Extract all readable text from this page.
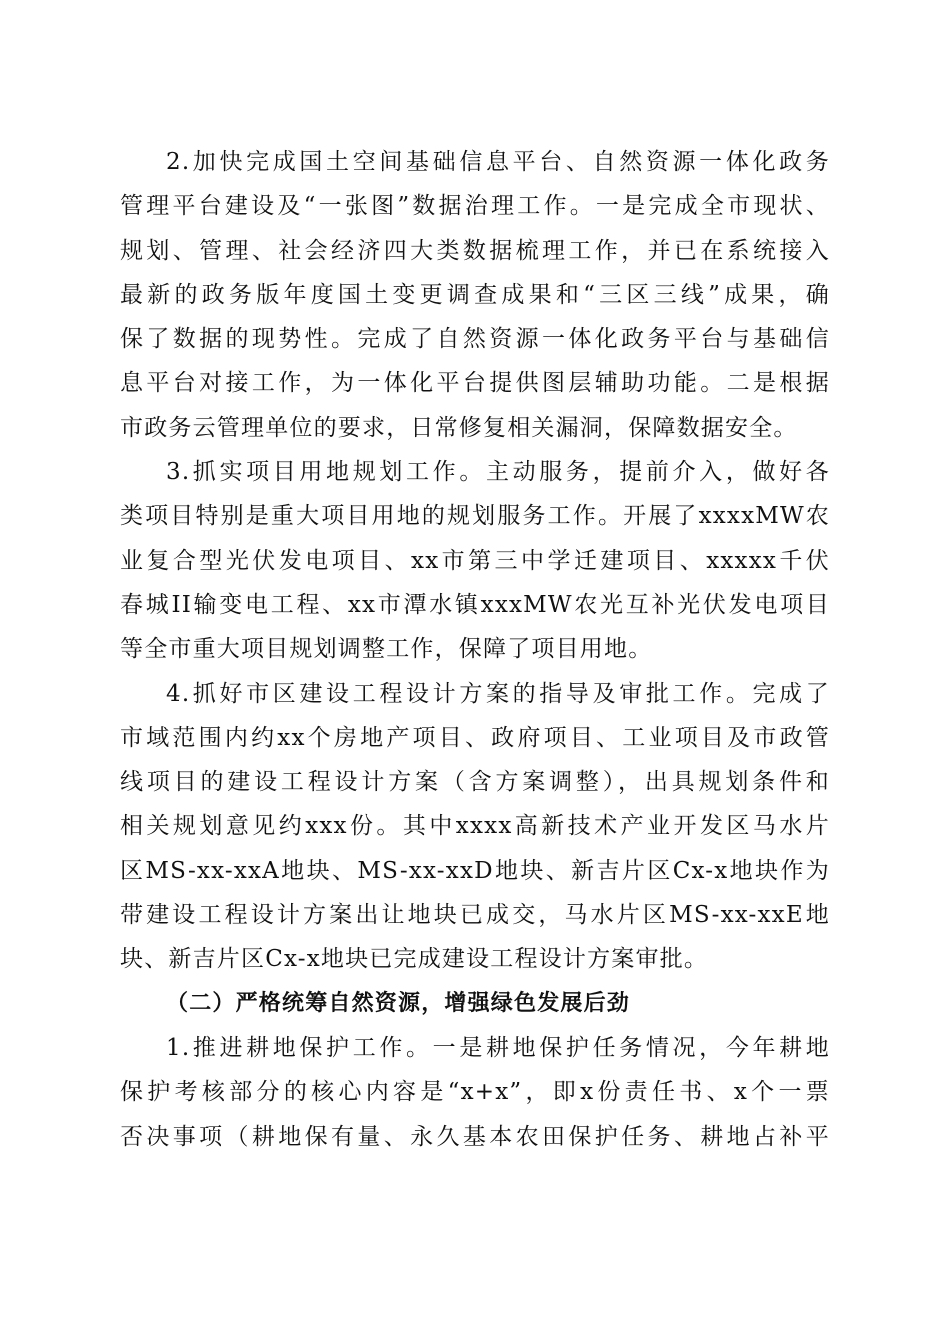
2.加快完成国土空间基础信息平台、自然资源一体化政务
管理平台建设及“一张图”数据治理工作。一是完成全市现状、
规划、管理、社会经济四大类数据梳理工作，并已在系统接入
最新的政务版年度国土变更调查成果和“三区三线”成果，确
保了数据的现势性。完成了自然资源一体化政务平台与基础信
息平台对接工作，为一体化平台提供图层辅助功能。二是根据
市政务云管理单位的要求，日常修复相关漏洞，保障数据安全。
3.抓实项目用地规划工作。主动服务，提前介入，做好各
类项目特别是重大项目用地的规划服务工作。开展了xxxxMW农
业复合型光伏发电项目、xx市第三中学迁建项目、xxxxx千伏
春城II输变电工程、xx市潭水镇xxxMW农光互补光伏发电项目
等全市重大项目规划调整工作，保障了项目用地。
4.抓好市区建设工程设计方案的指导及审批工作。完成了
市域范围内约xx个房地产项目、政府项目、工业项目及市政管
线项目的建设工程设计方案（含方案调整），出具规划条件和
相关规划意见约xxx份。其中xxxx高新技术产业开发区马水片
区MS-xx-xxA地块、MS-xx-xxD地块、新吉片区Cx-x地块作为
带建设工程设计方案出让地块已成交，马水片区MS-xx-xxE地
块、新吉片区Cx-x地块已完成建设工程设计方案审批。
（二）严格统筹自然资源，增强绿色发展后劲
1.推进耕地保护工作。一是耕地保护任务情况，今年耕地
保护考核部分的核心内容是“x+x”，即x份责任书、x个一票
否决事项（耕地保有量、永久基本农田保护任务、耕地占补平
